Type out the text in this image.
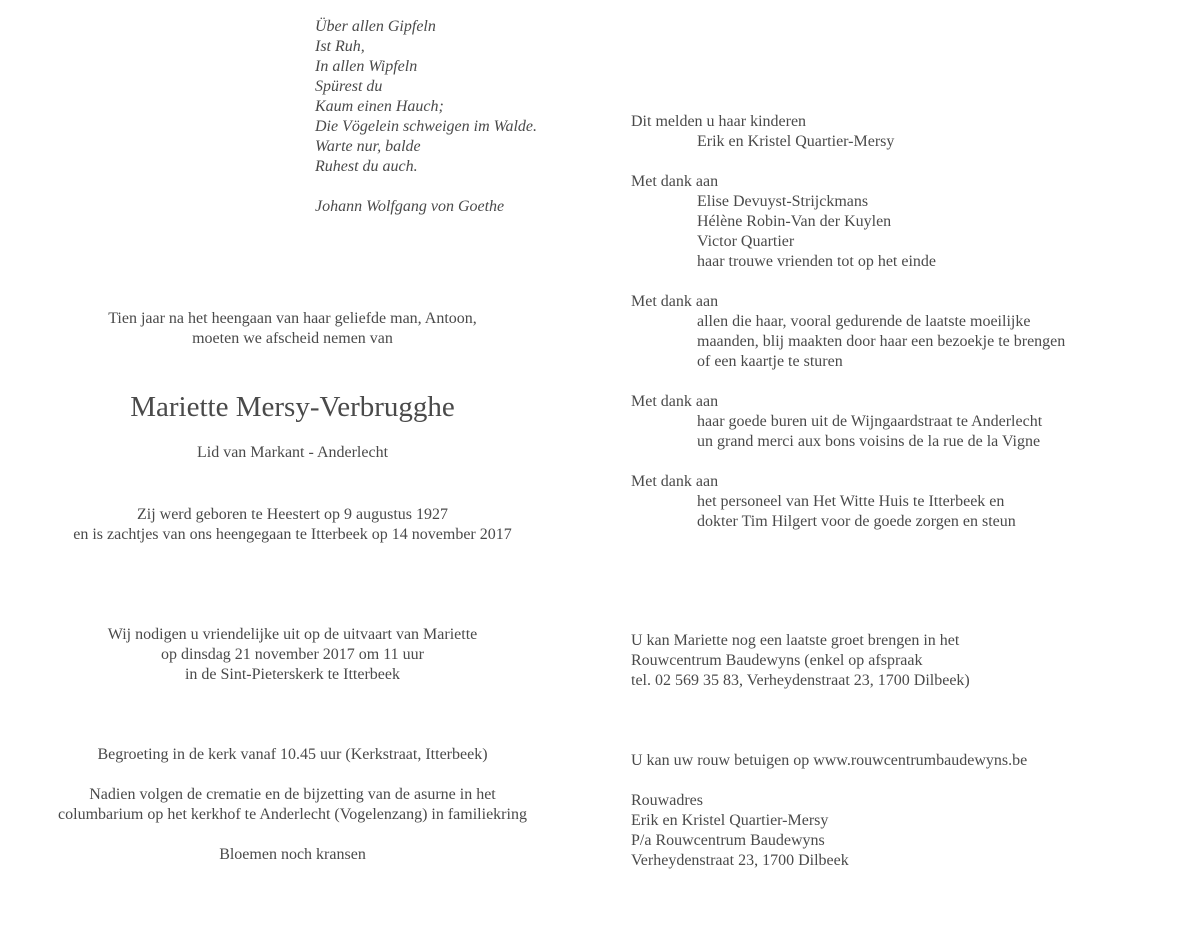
Über allen Gipfeln
Ist Ruh,
In allen Wipfeln
Spürest du
Kaum einen Hauch;
Die Vögelein schweigen im Walde.
Warte nur, balde
Ruhest du auch.
Johann Wolfgang von Goethe
Tien jaar na het heengaan van haar geliefde man, Antoon,
moeten we afscheid nemen van
Mariette Mersy-Verbrugghe
Lid van Markant - Anderlecht
Zij werd geboren te Heestert op 9 augustus 1927
en is zachtjes van ons heengegaan te Itterbeek op 14 november 2017
Wij nodigen u vriendelijke uit op de uitvaart van Mariette
op dinsdag 21 november 2017 om 11 uur
in de Sint-Pieterskerk te Itterbeek
Begroeting in de kerk vanaf 10.45 uur (Kerkstraat, Itterbeek)
Nadien volgen de crematie en de bijzetting van de asurne in het
columbarium op het kerkhof te Anderlecht (Vogelenzang) in familiekring
Bloemen noch kransen
Dit melden u haar kinderen
Erik en Kristel Quartier-Mersy
Met dank aan
Elise Devuyst-Strijckmans
Hélène Robin-Van der Kuylen
Victor Quartier
haar trouwe vrienden tot op het einde
Met dank aan
allen die haar, vooral gedurende de laatste moeilijke
maanden, blij maakten door haar een bezoekje te brengen
of een kaartje te sturen
Met dank aan
haar goede buren uit de Wijngaardstraat te Anderlecht
un grand merci aux bons voisins de la rue de la Vigne
Met dank aan
het personeel van Het Witte Huis te Itterbeek en
dokter Tim Hilgert voor de goede zorgen en steun
U kan Mariette nog een laatste groet brengen in het
Rouwcentrum Baudewyns (enkel op afspraak
tel. 02 569 35 83, Verheydenstraat 23, 1700 Dilbeek)
U kan uw rouw betuigen op www.rouwcentrumbaudewyns.be
Rouwadres
Erik en Kristel Quartier-Mersy
P/a Rouwcentrum Baudewyns
Verheydenstraat 23, 1700 Dilbeek
